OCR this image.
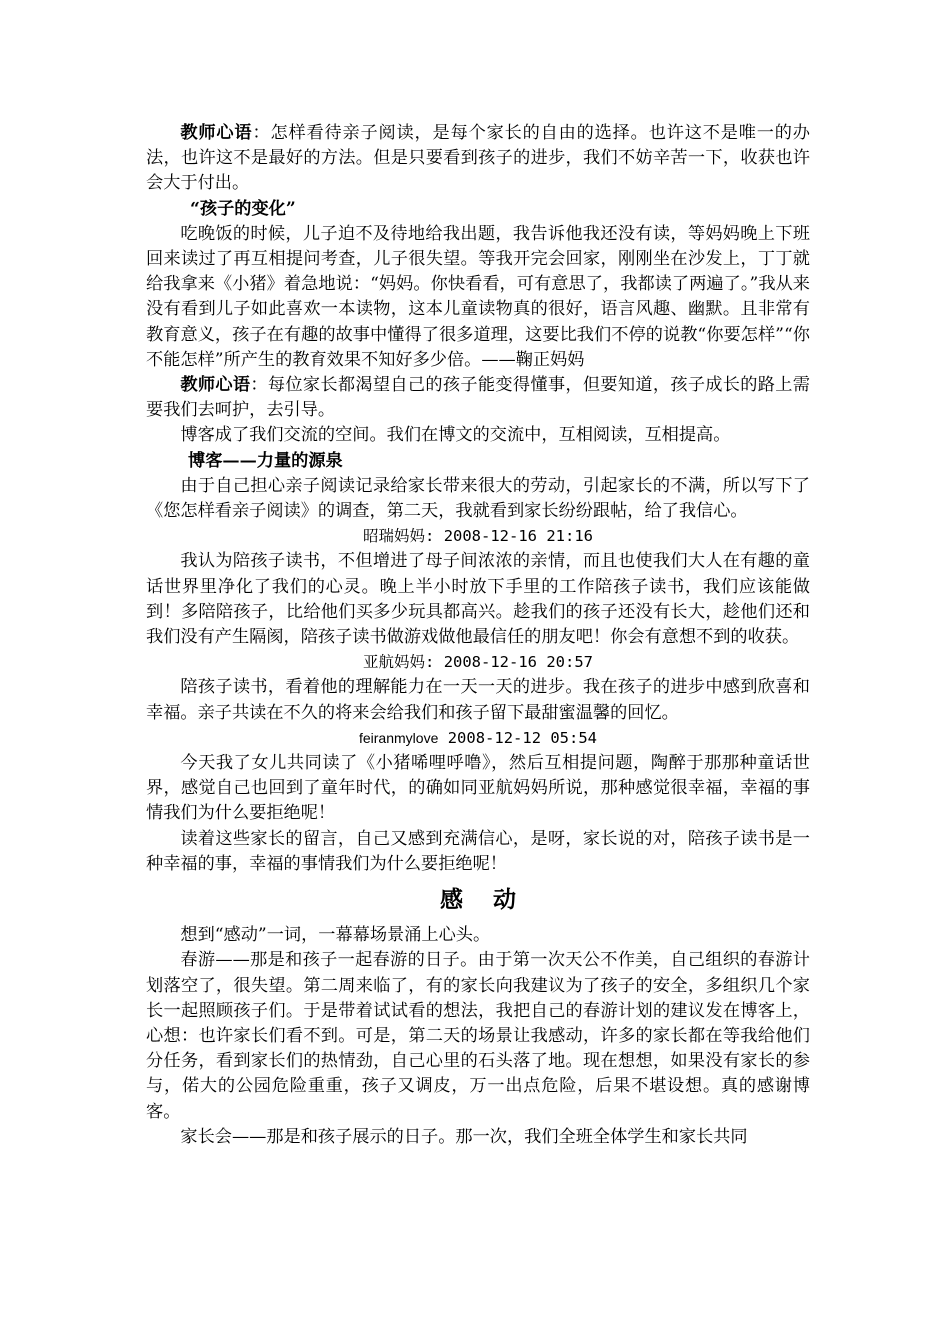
教师心语：怎样看待亲子阅读，是每个家长的自由的选择。也许这不是唯一的办法，也许这不是最好的方法。但是只要看到孩子的进步，我们不妨辛苦一下，收获也许会大于付出。

“孩子的变化”

吃晚饭的时候，儿子迫不及待地给我出题，我告诉他我还没有读，等妈妈晚上下班回来读过了再互相提问考查，儿子很失望。等我开完会回家，刚刚坐在沙发上，丁丁就给我拿来《小猪》着急地说：“妈妈。你快看看，可有意思了，我都读了两遍了。”我从来没有看到儿子如此喜欢一本读物，这本儿童读物真的很好，语言风趣、幽默。且非常有教育意义，孩子在有趣的故事中懂得了很多道理，这要比我们不停的说教“你要怎样”“你不能怎样”所产生的教育效果不知好多少倍。——鞠正妈妈

教师心语：每位家长都渴望自己的孩子能变得懂事，但要知道，孩子成长的路上需要我们去呵护，去引导。

博客成了我们交流的空间。我们在博文的交流中，互相阅读，互相提高。

博客——力量的源泉

由于自己担心亲子阅读记录给家长带来很大的劳动，引起家长的不满，所以写下了《您怎样看亲子阅读》的调查，第二天，我就看到家长纷纷跟帖，给了我信心。

昭瑞妈妈: 2008-12-16 21:16

我认为陪孩子读书，不但增进了母子间浓浓的亲情，而且也使我们大人在有趣的童话世界里净化了我们的心灵。晚上半小时放下手里的工作陪孩子读书，我们应该能做到！多陪陪孩子，比给他们买多少玩具都高兴。趁我们的孩子还没有长大，趁他们还和我们没有产生隔阂，陪孩子读书做游戏做他最信任的朋友吧！你会有意想不到的收获。

亚航妈妈: 2008-12-16 20:57

陪孩子读书，看着他的理解能力在一天一天的进步。我在孩子的进步中感到欣喜和幸福。亲子共读在不久的将来会给我们和孩子留下最甜蜜温馨的回忆。

feiranmylove 2008-12-12 05:54

今天我了女儿共同读了《小猪唏哩呼噜》，然后互相提问题，陶醉于那那种童话世界，感觉自己也回到了童年时代，的确如同亚航妈妈所说，那种感觉很幸福，幸福的事情我们为什么要拒绝呢！

读着这些家长的留言，自己又感到充满信心，是呀，家长说的对，陪孩子读书是一种幸福的事，幸福的事情我们为什么要拒绝呢！

感动

想到“感动”一词，一幕幕场景涌上心头。

春游——那是和孩子一起春游的日子。由于第一次天公不作美，自己组织的春游计划落空了，很失望。第二周来临了，有的家长向我建议为了孩子的安全，多组织几个家长一起照顾孩子们。于是带着试试看的想法，我把自己的春游计划的建议发在博客上，心想：也许家长们看不到。可是，第二天的场景让我感动，许多的家长都在等我给他们分任务，看到家长们的热情劲，自己心里的石头落了地。现在想想，如果没有家长的参与，偌大的公园危险重重，孩子又调皮，万一出点危险，后果不堪设想。真的感谢博客。

家长会——那是和孩子展示的日子。那一次，我们全班全体学生和家长共同
